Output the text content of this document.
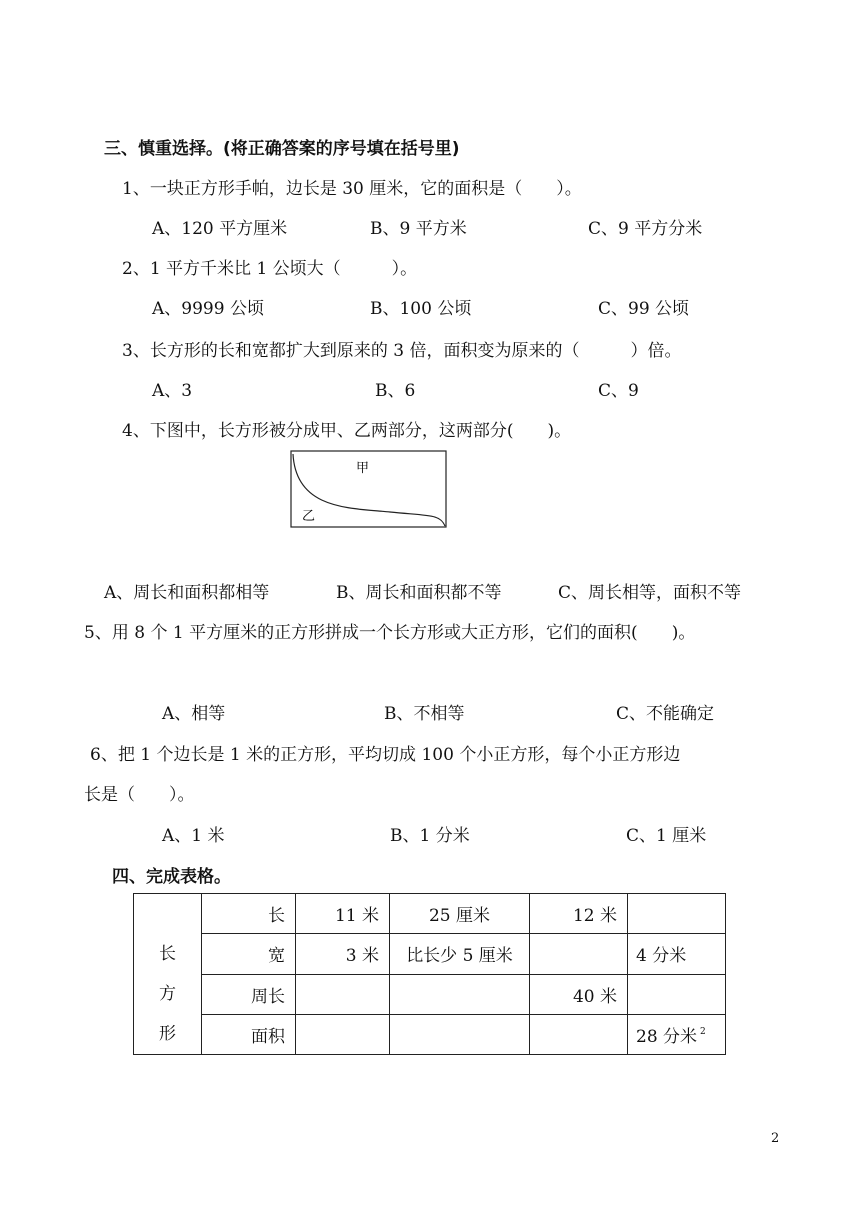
三、慎重选择。(将正确答案的序号填在括号里)
1、一块正方形手帕，边长是 30 厘米，它的面积是（　　）。
A、120 平方厘米	B、9 平方米	C、9 平方分米
2、1 平方千米比 1 公顷大（　　　）。
A、9999 公顷	B、100 公顷	C、99 公顷
3、长方形的长和宽都扩大到原来的 3 倍，面积变为原来的（　　　）倍。
A、3	B、6	C、9
4、下图中，长方形被分成甲、乙两部分，这两部分(　　)。
甲
乙
A、周长和面积都相等	B、周长和面积都不等	C、周长相等，面积不等
5、用 8 个 1 平方厘米的正方形拼成一个长方形或大正方形，它们的面积(　　)。
A、相等	B、不相等	C、不能确定
6、把 1 个边长是 1 米的正方形，平均切成 100 个小正方形，每个小正方形边
长是（　　）。
A、1 米	B、1 分米	C、1 厘米
四、完成表格。
长
方
形	长	11 米	25 厘米	12 米	
	宽	3 米	比长少 5 厘米		4 分米
	周长			40 米	
	面积				28 分米 $^2$
2
